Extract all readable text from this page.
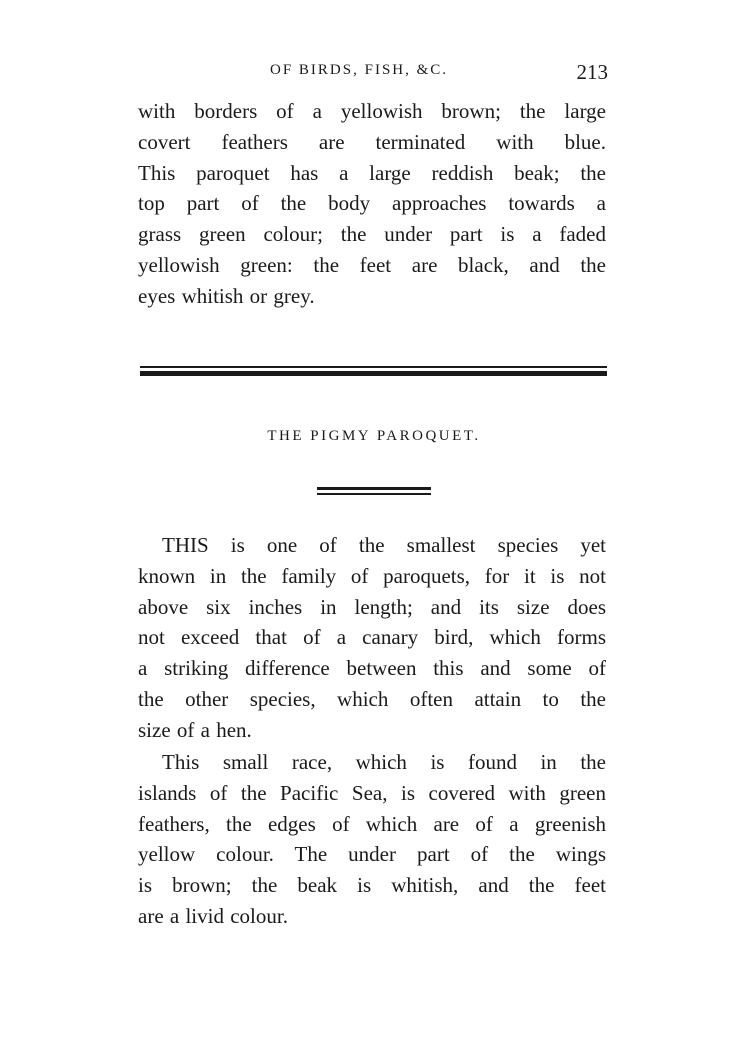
OF BIRDS, FISH, &C.	213

with borders of a yellowish brown; the large
covert feathers are terminated with blue.
This paroquet has a large reddish beak; the
top part of the body approaches towards a
grass green colour; the under part is a faded
yellowish green: the feet are black, and the
eyes whitish or grey.

THE PIGMY PAROQUET.

THIS is one of the smallest species yet
known in the family of paroquets, for it is not
above six inches in length; and its size does
not exceed that of a canary bird, which forms
a striking difference between this and some of
the other species, which often attain to the
size of a hen.

This small race, which is found in the
islands of the Pacific Sea, is covered with green
feathers, the edges of which are of a greenish
yellow colour. The under part of the wings
is brown; the beak is whitish, and the feet
are a livid colour.
